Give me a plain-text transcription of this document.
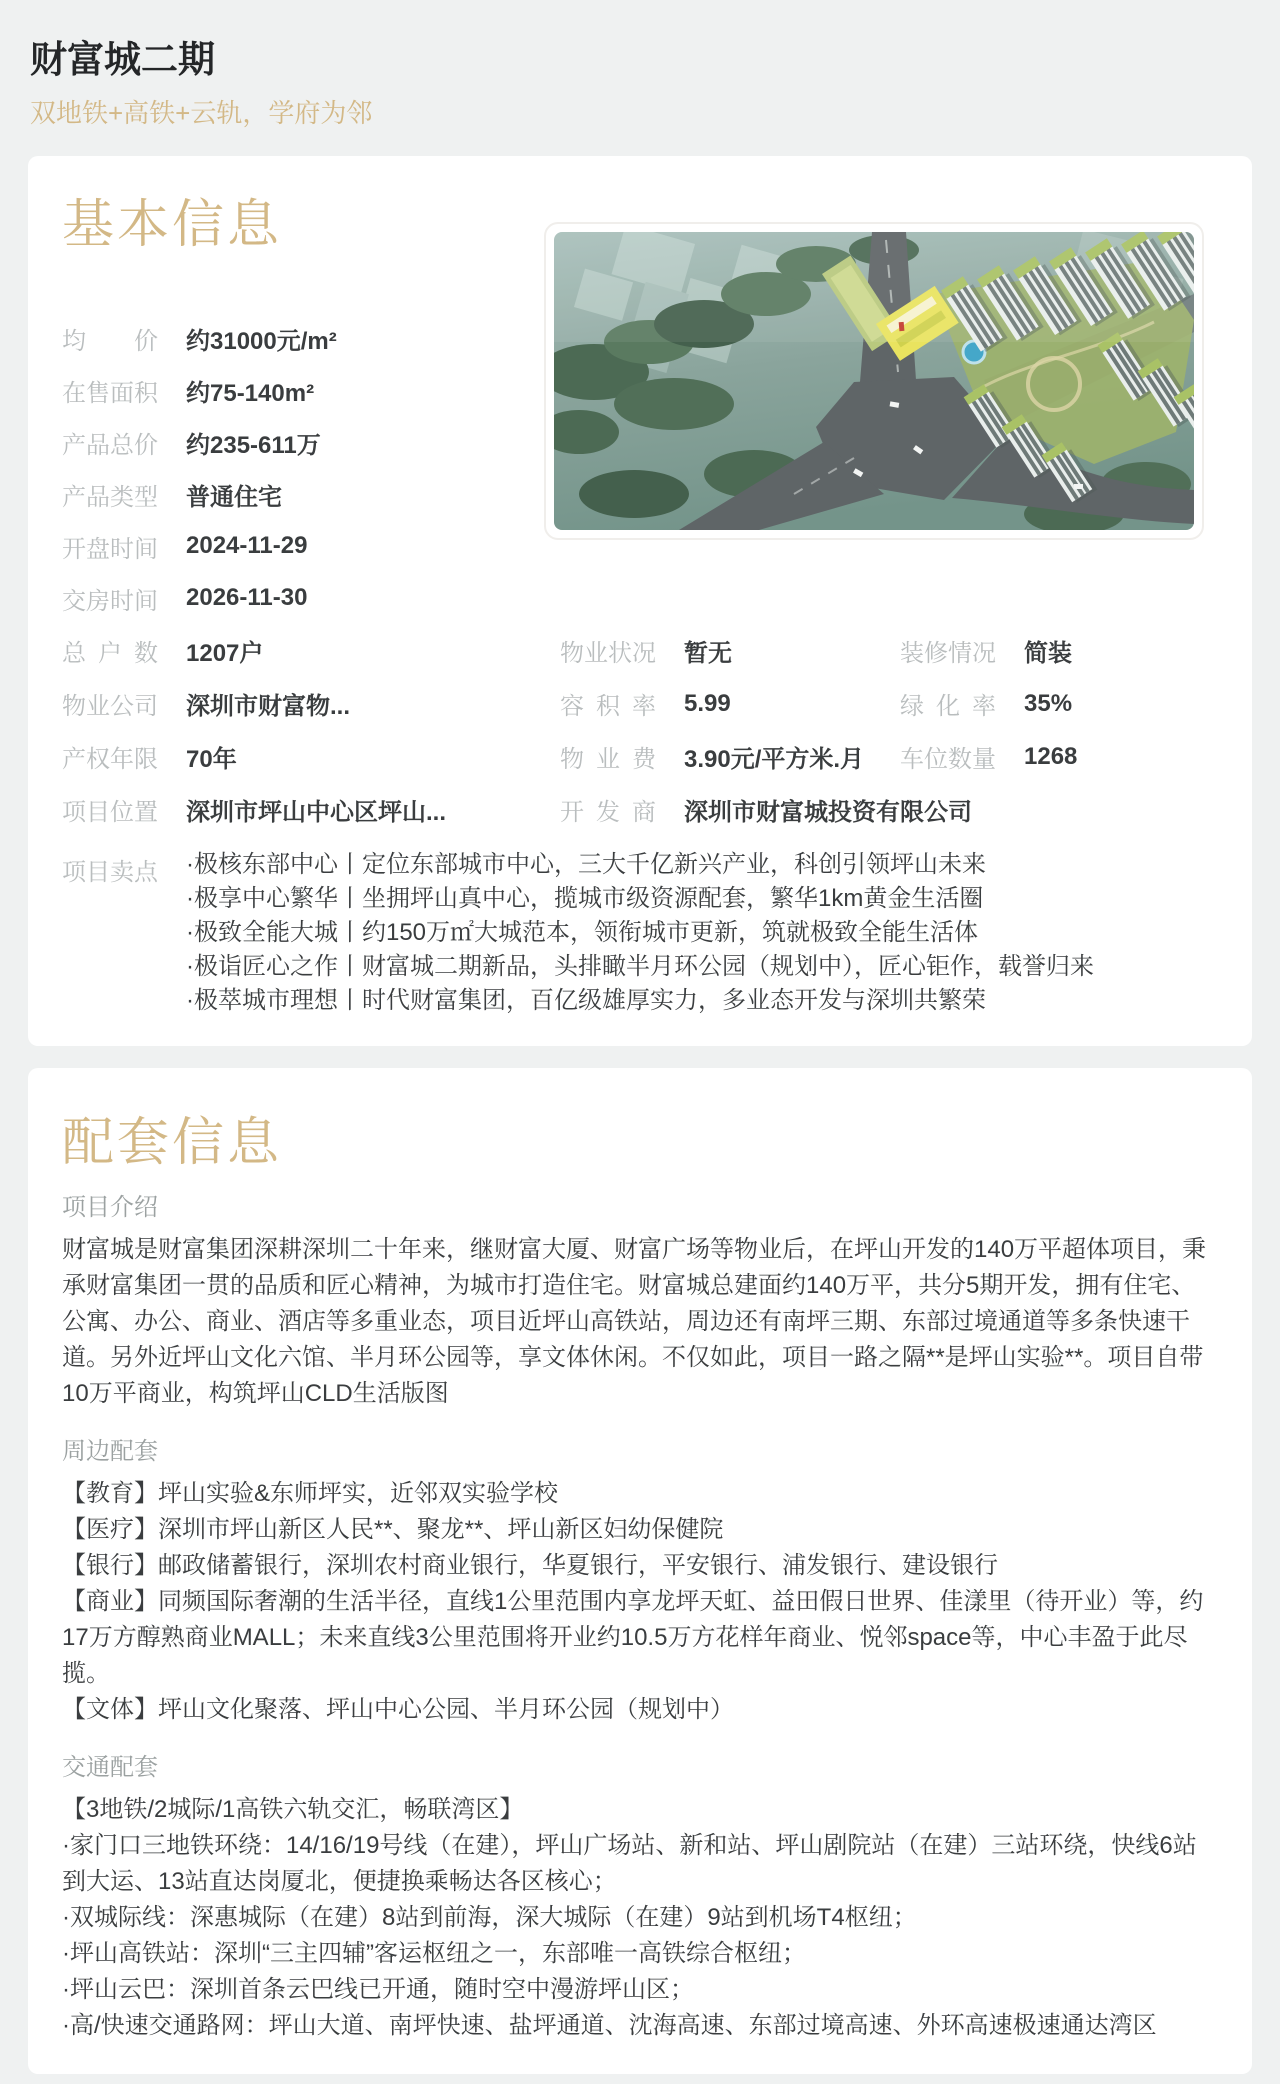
财富城二期
双地铁+高铁+云轨，学府为邻
基本信息
均价 约31000元/m²
在售面积 约75-140m²
产品总价 约235-611万
产品类型 普通住宅
开盘时间 2024-11-29
交房时间 2026-11-30
总户数 1207户	物业状况 暂无	装修情况 简装
物业公司 深圳市财富物...	容积率 5.99	绿化率 35%
产权年限 70年	物业费 3.90元/平方米.月 车位数量 1268
项目位置 深圳市坪山中心区坪山...	开发商 深圳市财富城投资有限公司
项目卖点 ·极核东部中心丨定位东部城市中心，三大千亿新兴产业，科创引领坪山未来
·极享中心繁华丨坐拥坪山真中心，揽城市级资源配套，繁华1km黄金生活圈
·极致全能大城丨约150万㎡大城范本，领衔城市更新，筑就极致全能生活体
·极诣匠心之作丨财富城二期新品，头排瞰半月环公园（规划中），匠心钜作，载誉归来
·极萃城市理想丨时代财富集团，百亿级雄厚实力，多业态开发与深圳共繁荣
配套信息
项目介绍

财富城是财富集团深耕深圳二十年来，继财富大厦、财富广场等物业后，在坪山开发的140万平超体项目，秉承财富集团一贯的品质和匠心精神，为城市打造住宅。财富城总建面约140万平，共分5期开发，拥有住宅、公寓、办公、商业、酒店等多重业态，项目近坪山高铁站，周边还有南坪三期、东部过境通道等多条快速干道。另外近坪山文化六馆、半月环公园等，享文体休闲。不仅如此，项目一路之隔**是坪山实验**。项目自带10万平商业，构筑坪山CLD生活版图

周边配套
【教育】坪山实验&东师坪实，近邻双实验学校
【医疗】深圳市坪山新区人民**、聚龙**、坪山新区妇幼保健院
【银行】邮政储蓄银行，深圳农村商业银行，华夏银行，平安银行、浦发银行、建设银行
【商业】同频国际奢潮的生活半径，直线1公里范围内享龙坪天虹、益田假日世界、佳漾里（待开业）等，约17万方醇熟商业MALL；未来直线3公里范围将开业约10.5万方花样年商业、悦邻space等，中心丰盈于此尽揽。
【文体】坪山文化聚落、坪山中心公园、半月环公园（规划中）
交通配套
【3地铁/2城际/1高铁六轨交汇，畅联湾区】
·家门口三地铁环绕：14/16/19号线（在建），坪山广场站、新和站、坪山剧院站（在建）三站环绕，快线6站到大运、13站直达岗厦北，便捷换乘畅达各区核心；
·双城际线：深惠城际（在建）8站到前海，深大城际（在建）9站到机场T4枢纽；
·坪山高铁站：深圳“三主四辅”客运枢纽之一，东部唯一高铁综合枢纽；
·坪山云巴：深圳首条云巴线已开通，随时空中漫游坪山区；
·高/快速交通路网：坪山大道、南坪快速、盐坪通道、沈海高速、东部过境高速、外环高速极速通达湾区
